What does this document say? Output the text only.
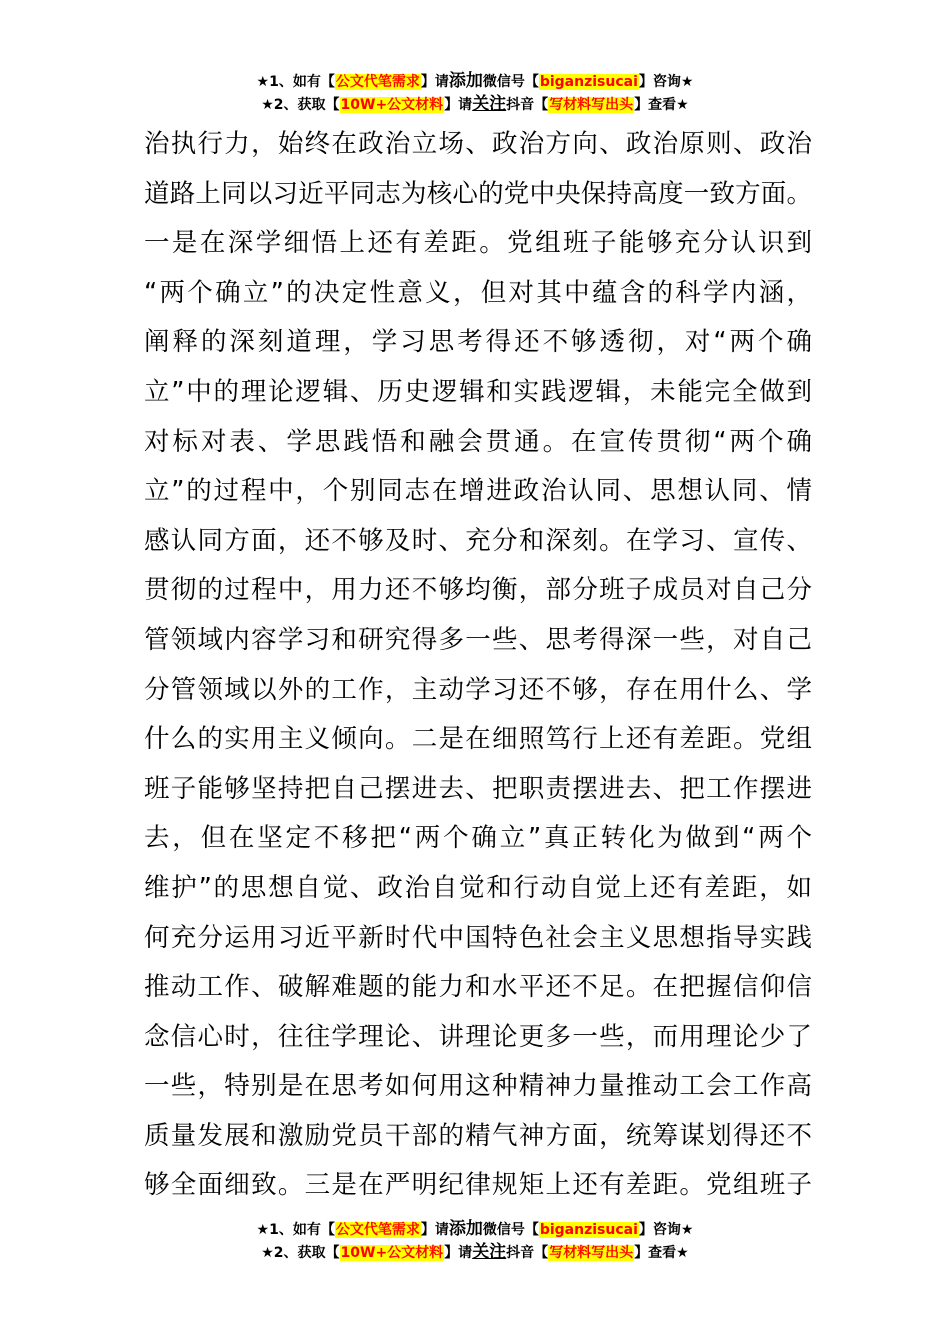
★1、如有【公文代笔需求】请添加微信号【biganzisucai】咨询★
★2、获取【10W+公文材料】请关注抖音【写材料写出头】查看★
治执行力，始终在政治立场、政治方向、政治原则、政治
道路上同以习近平同志为核心的党中央保持高度一致方面。
一是在深学细悟上还有差距。党组班子能够充分认识到
“两个确立”的决定性意义，但对其中蕴含的科学内涵，
阐释的深刻道理，学习思考得还不够透彻，对“两个确
立”中的理论逻辑、历史逻辑和实践逻辑，未能完全做到
对标对表、学思践悟和融会贯通。在宣传贯彻“两个确
立”的过程中，个别同志在增进政治认同、思想认同、情
感认同方面，还不够及时、充分和深刻。在学习、宣传、
贯彻的过程中，用力还不够均衡，部分班子成员对自己分
管领域内容学习和研究得多一些、思考得深一些，对自己
分管领域以外的工作，主动学习还不够，存在用什么、学
什么的实用主义倾向。二是在细照笃行上还有差距。党组
班子能够坚持把自己摆进去、把职责摆进去、把工作摆进
去，但在坚定不移把“两个确立”真正转化为做到“两个
维护”的思想自觉、政治自觉和行动自觉上还有差距，如
何充分运用习近平新时代中国特色社会主义思想指导实践
推动工作、破解难题的能力和水平还不足。在把握信仰信
念信心时，往往学理论、讲理论更多一些，而用理论少了
一些，特别是在思考如何用这种精神力量推动工会工作高
质量发展和激励党员干部的精气神方面，统筹谋划得还不
够全面细致。三是在严明纪律规矩上还有差距。党组班子
★1、如有【公文代笔需求】请添加微信号【biganzisucai】咨询★
★2、获取【10W+公文材料】请关注抖音【写材料写出头】查看★
